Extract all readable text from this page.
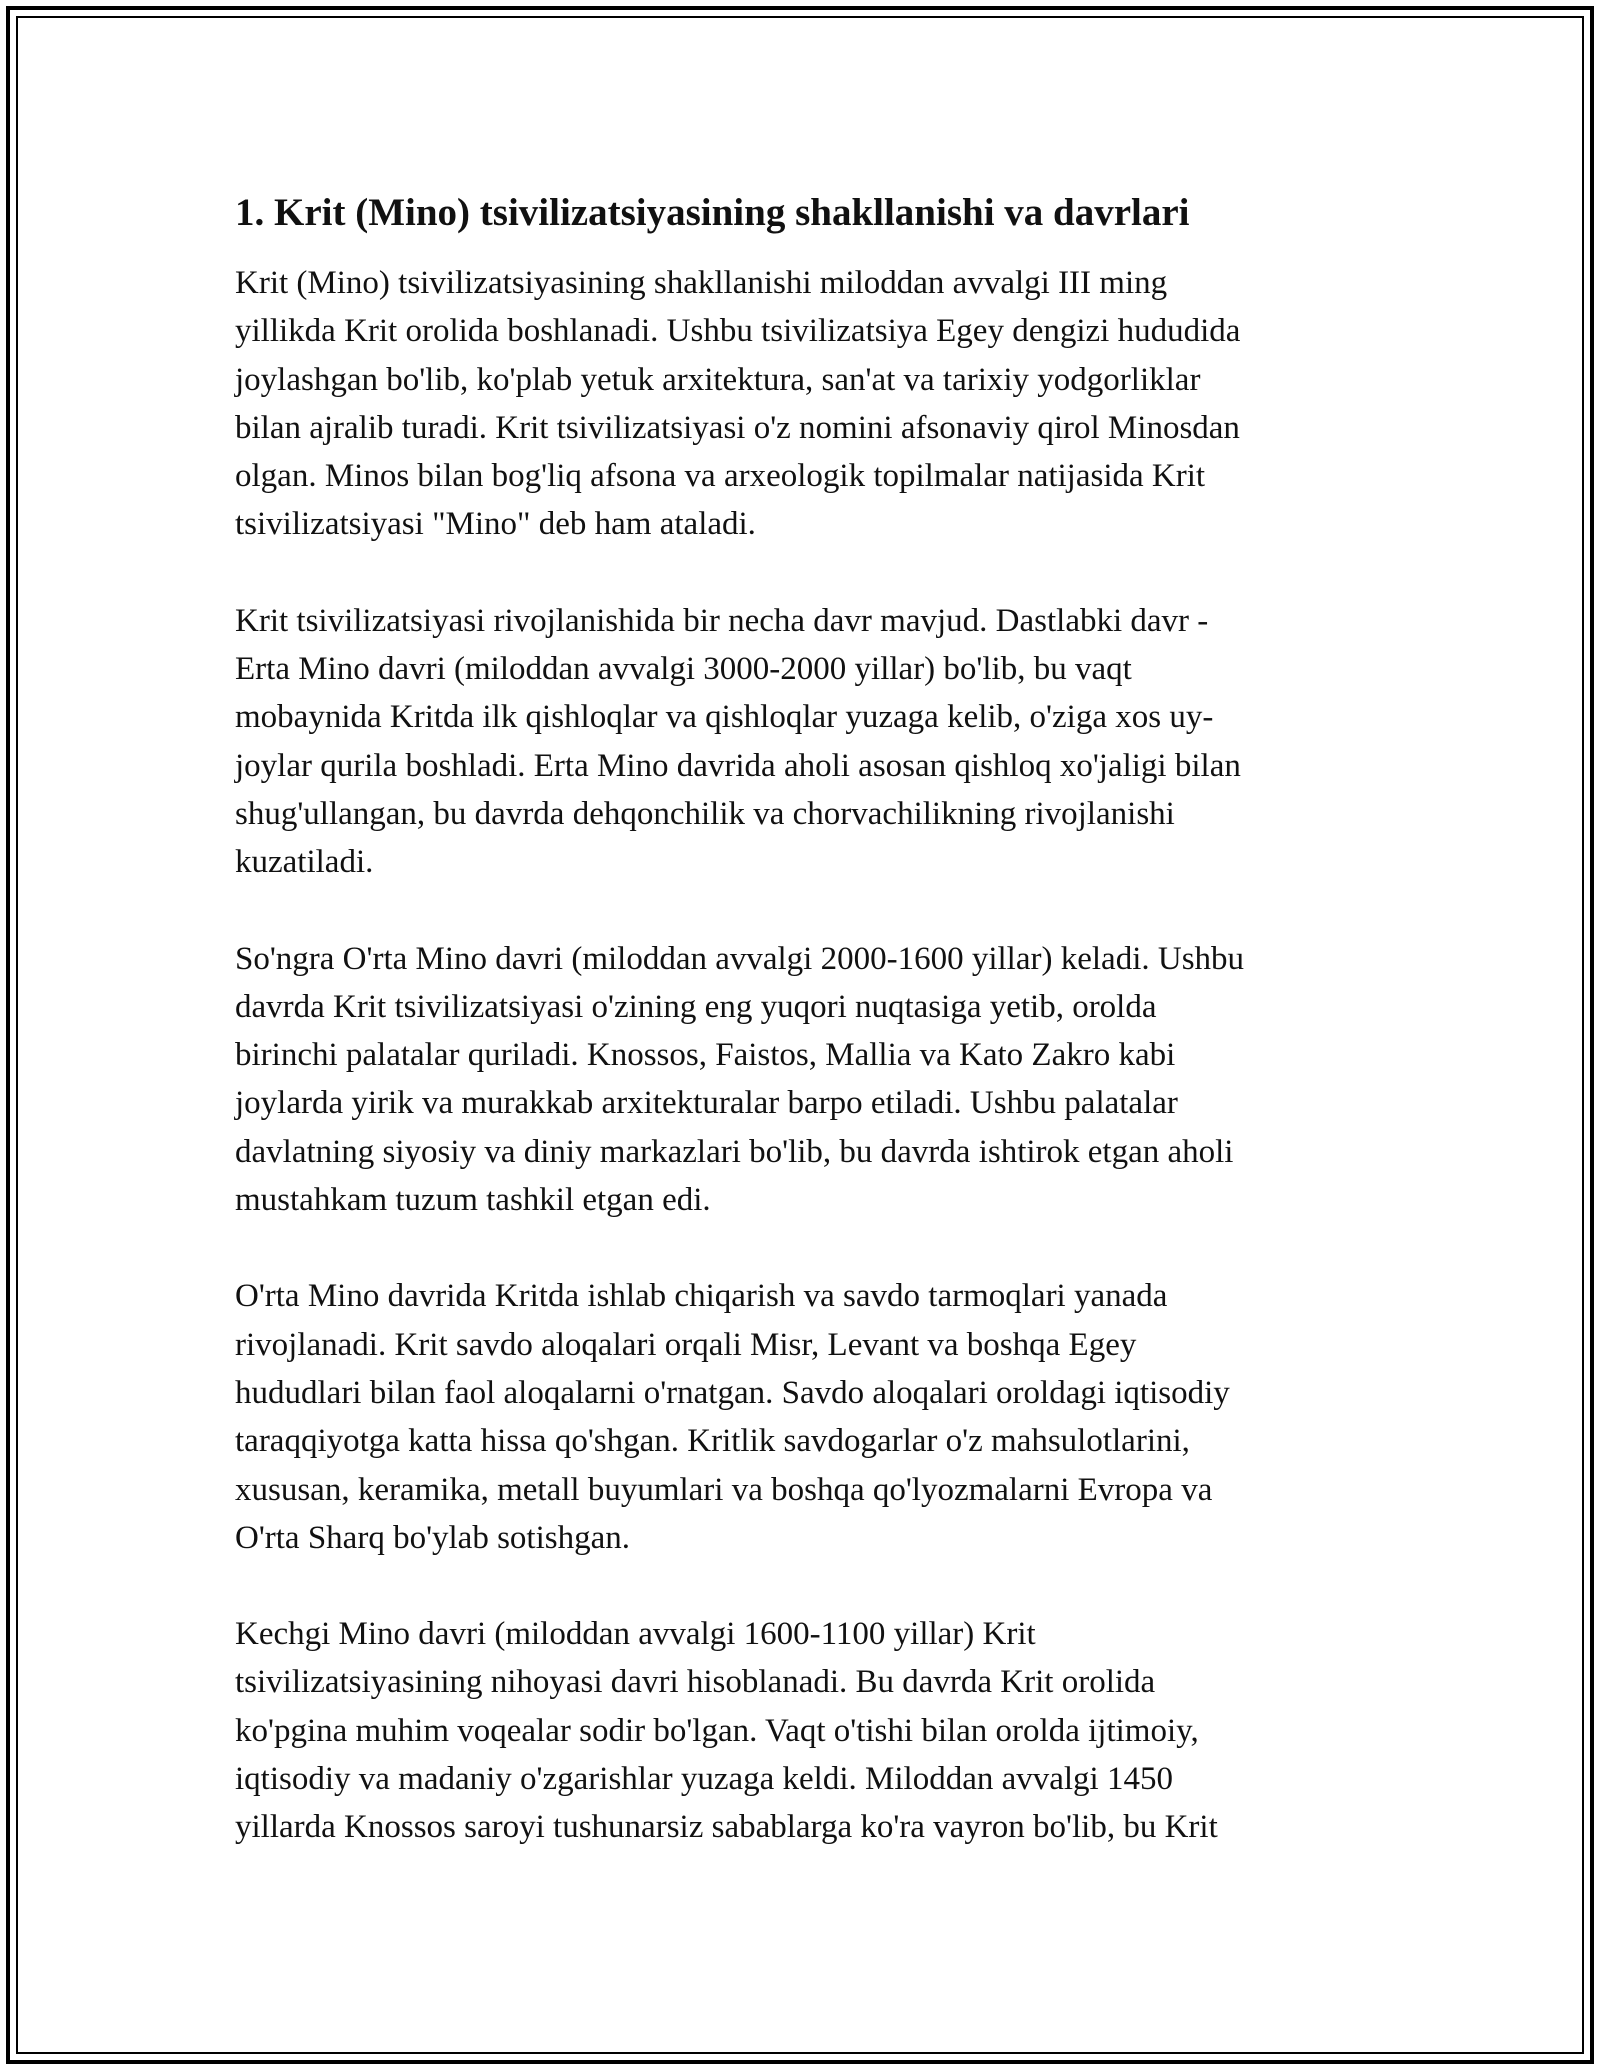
1. Krit (Mino) tsivilizatsiyasining shakllanishi va davrlari
Krit (Mino) tsivilizatsiyasining shakllanishi miloddan avvalgi III ming
yillikda Krit orolida boshlanadi. Ushbu tsivilizatsiya Egey dengizi hududida
joylashgan bo'lib, ko'plab yetuk arxitektura, san'at va tarixiy yodgorliklar
bilan ajralib turadi. Krit tsivilizatsiyasi o'z nomini afsonaviy qirol Minosdan
olgan. Minos bilan bog'liq afsona va arxeologik topilmalar natijasida Krit
tsivilizatsiyasi "Mino" deb ham ataladi.
Krit tsivilizatsiyasi rivojlanishida bir necha davr mavjud. Dastlabki davr -
Erta Mino davri (miloddan avvalgi 3000-2000 yillar) bo'lib, bu vaqt
mobaynida Kritda ilk qishloqlar va qishloqlar yuzaga kelib, o'ziga xos uy-
joylar qurila boshladi. Erta Mino davrida aholi asosan qishloq xo'jaligi bilan
shug'ullangan, bu davrda dehqonchilik va chorvachilikning rivojlanishi
kuzatiladi.
So'ngra O'rta Mino davri (miloddan avvalgi 2000-1600 yillar) keladi. Ushbu
davrda Krit tsivilizatsiyasi o'zining eng yuqori nuqtasiga yetib, orolda
birinchi palatalar quriladi. Knossos, Faistos, Mallia va Kato Zakro kabi
joylarda yirik va murakkab arxitekturalar barpo etiladi. Ushbu palatalar
davlatning siyosiy va diniy markazlari bo'lib, bu davrda ishtirok etgan aholi
mustahkam tuzum tashkil etgan edi.
O'rta Mino davrida Kritda ishlab chiqarish va savdo tarmoqlari yanada
rivojlanadi. Krit savdo aloqalari orqali Misr, Levant va boshqa Egey
hududlari bilan faol aloqalarni o'rnatgan. Savdo aloqalari oroldagi iqtisodiy
taraqqiyotga katta hissa qo'shgan. Kritlik savdogarlar o'z mahsulotlarini,
xususan, keramika, metall buyumlari va boshqa qo'lyozmalarni Evropa va
O'rta Sharq bo'ylab sotishgan.
Kechgi Mino davri (miloddan avvalgi 1600-1100 yillar) Krit
tsivilizatsiyasining nihoyasi davri hisoblanadi. Bu davrda Krit orolida
ko'pgina muhim voqealar sodir bo'lgan. Vaqt o'tishi bilan orolda ijtimoiy,
iqtisodiy va madaniy o'zgarishlar yuzaga keldi. Miloddan avvalgi 1450
yillarda Knossos saroyi tushunarsiz sabablarga ko'ra vayron bo'lib, bu Krit
